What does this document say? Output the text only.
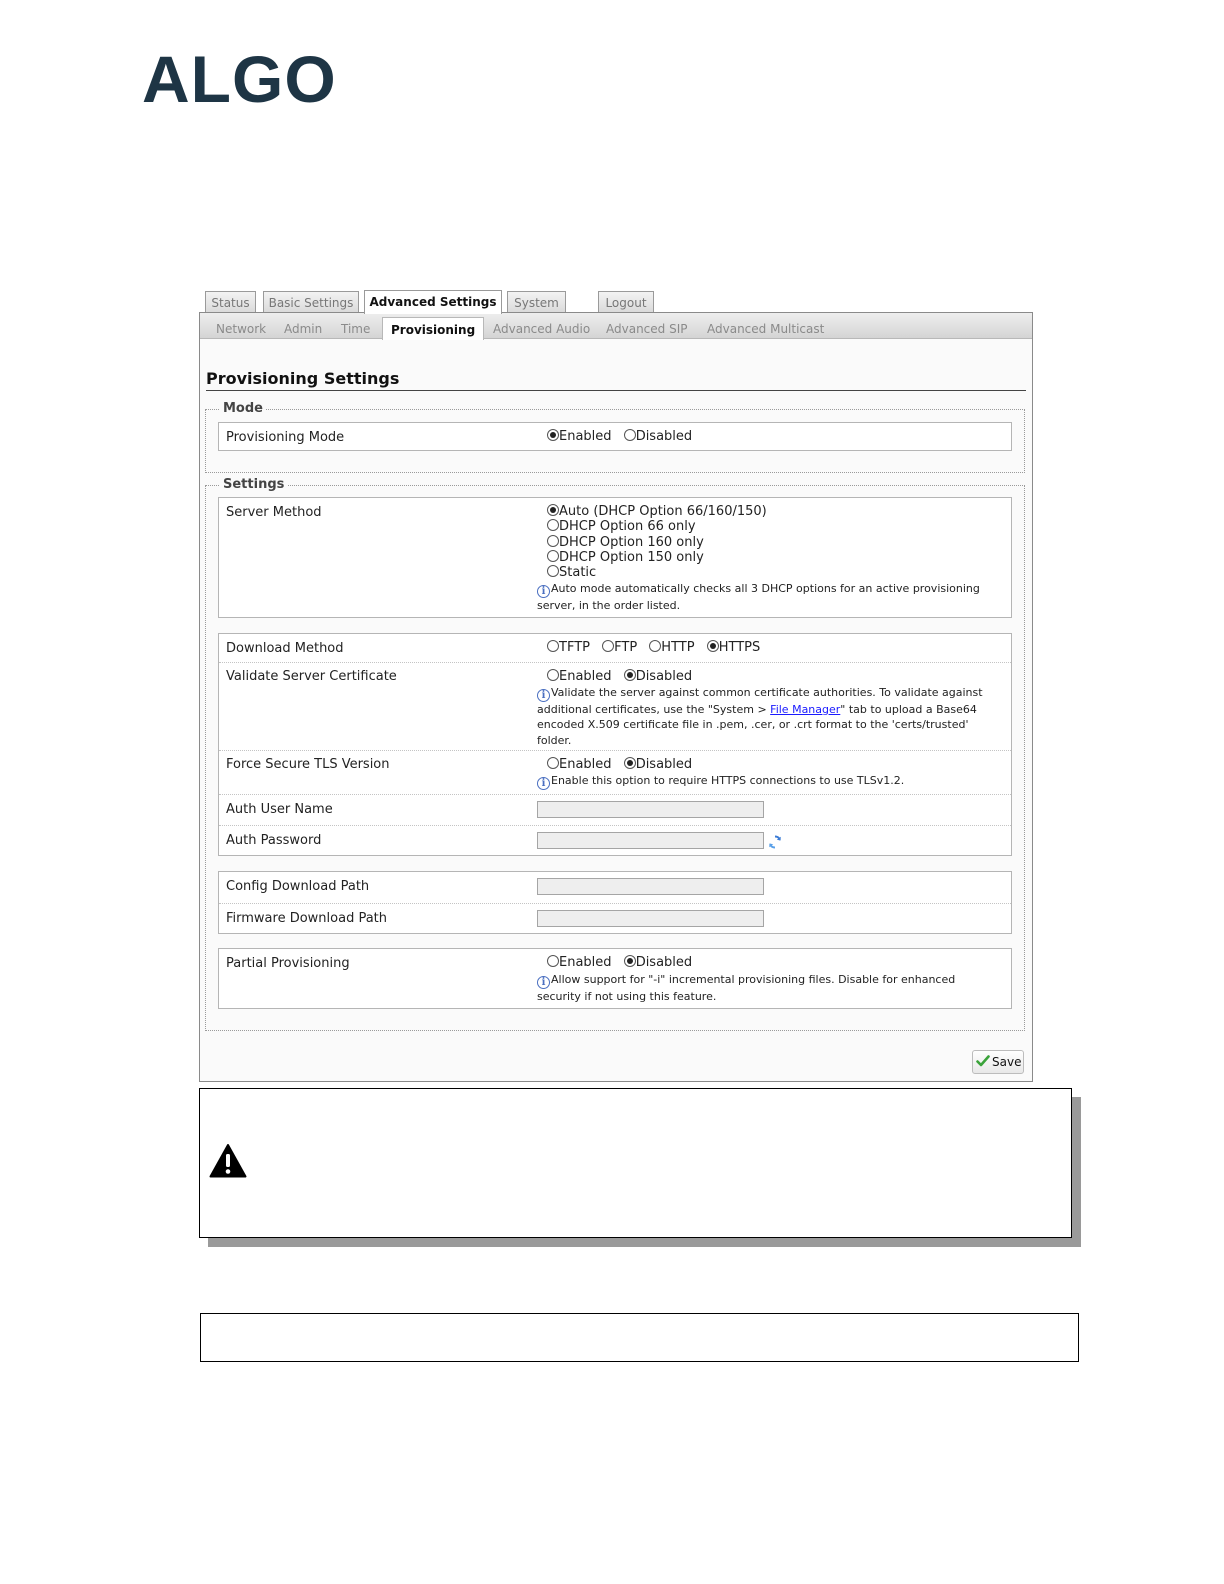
ALGO
Status	Basic Settings	Advanced Settings	System	Logout
Network Admin Time	Provisioning	Advanced Audio Advanced SIP Advanced Multicast
Provisioning Settings
Mode
Provisioning Mode	Enabled Disabled
Settings
Server Method	Auto (DHCP Option 66/160/150)
DHCP Option 66 only
DHCP Option 160 only
DHCP Option 150 only
Static
i Auto mode automatically checks all 3 DHCP options for an active provisioning server, in the order listed.
Download Method	TFTP FTP HTTP HTTPS
Validate Server Certificate	Enabled Disabled
i Validate the server against common certificate authorities. To validate against additional certificates, use the "System > File Manager" tab to upload a Base64 encoded X.509 certificate file in .pem, .cer, or .crt format to the 'certs/trusted' folder.
Force Secure TLS Version	Enabled Disabled
i Enable this option to require HTTPS connections to use TLSv1.2.
Auth User Name
Auth Password
Config Download Path
Firmware Download Path
Partial Provisioning	Enabled Disabled
i Allow support for "-i" incremental provisioning files. Disable for enhanced security if not using this feature.
Save
